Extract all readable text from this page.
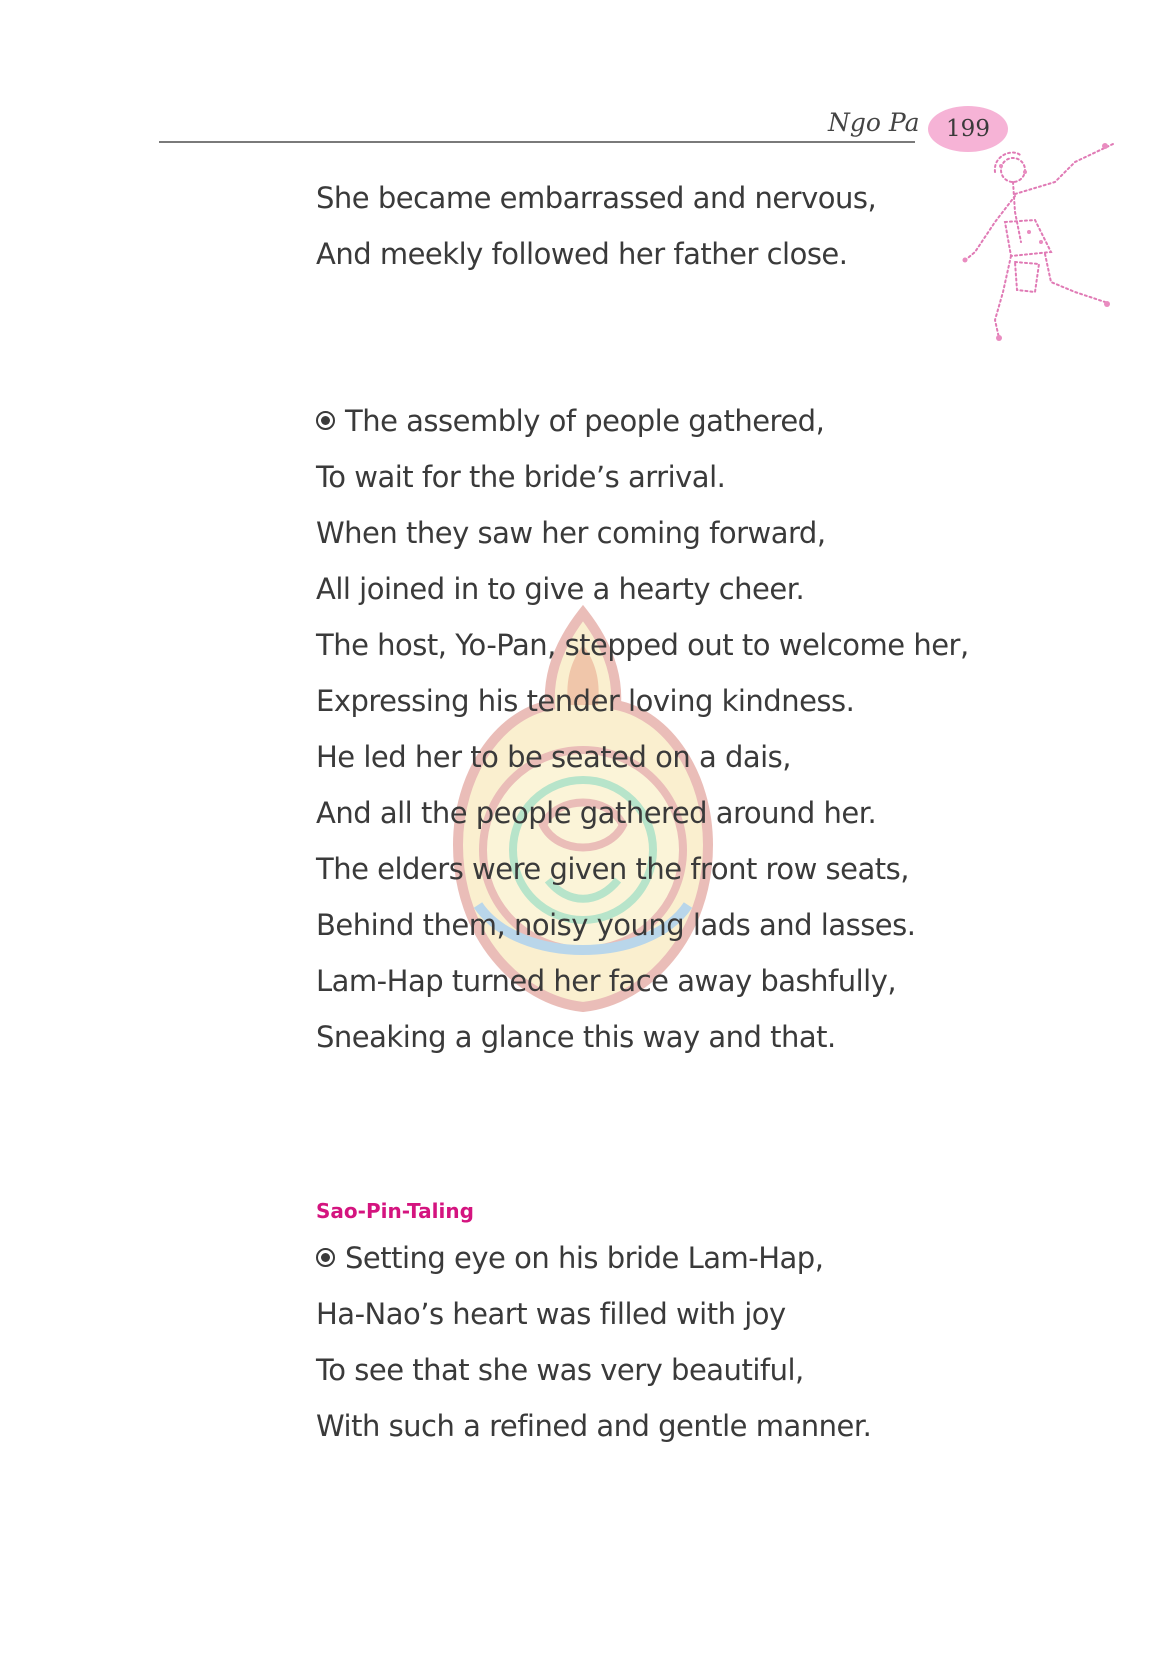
Ngo Pa 199
She became embarrassed and nervous,
And meekly followed her father close.
The assembly of people gathered,
To wait for the bride’s arrival.
When they saw her coming forward,
All joined in to give a hearty cheer.
The host, Yo-Pan, stepped out to welcome her,
Expressing his tender loving kindness.
He led her to be seated on a dais,
And all the people gathered around her.
The elders were given the front row seats,
Behind them, noisy young lads and lasses.
Lam-Hap turned her face away bashfully,
Sneaking a glance this way and that.
Sao-Pin-Taling
Setting eye on his bride Lam-Hap,
Ha-Nao’s heart was filled with joy
To see that she was very beautiful,
With such a refined and gentle manner.
